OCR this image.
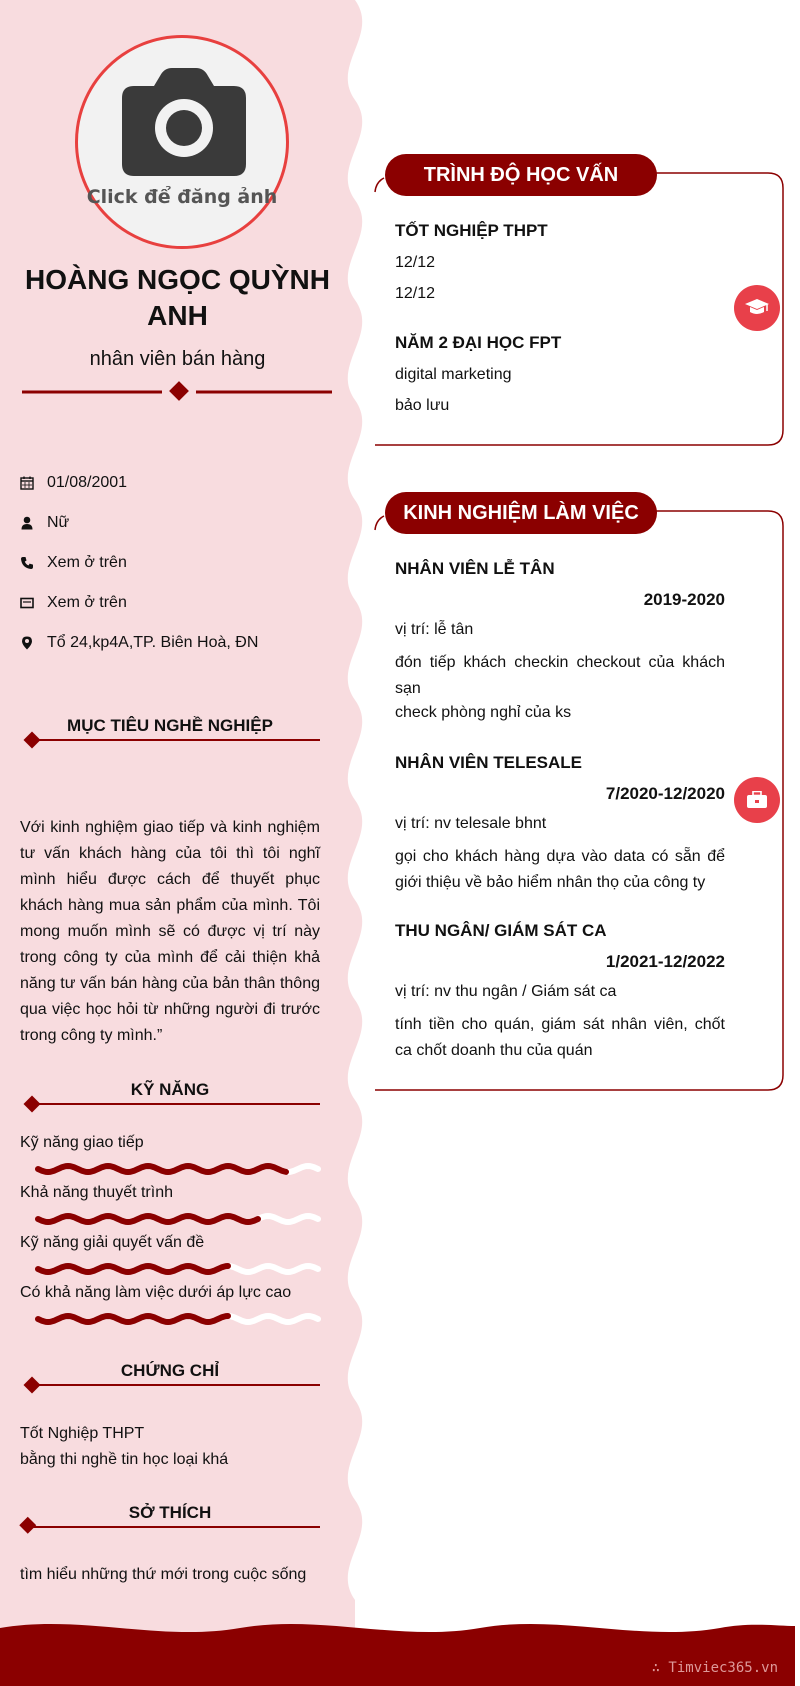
Click để đăng ảnh
HOÀNG NGỌC QUỲNH ANH
nhân viên bán hàng
01/08/2001
Nữ
Xem ở trên
Xem ở trên
Tổ 24,kp4A,TP. Biên Hoà, ĐN
MỤC TIÊU NGHỀ NGHIỆP
Với kinh nghiệm giao tiếp và kinh nghiệm tư vấn khách hàng của tôi thì tôi nghĩ mình hiểu được cách để thuyết phục khách hàng mua sản phẩm của mình. Tôi mong muốn mình sẽ có được vị trí này trong công ty của mình để cải thiện khả năng tư vấn bán hàng của bản thân thông qua việc học hỏi từ những người đi trước trong công ty mình.”
KỸ NĂNG
Kỹ năng giao tiếp
Khả năng thuyết trình
Kỹ năng giải quyết vấn đề
Có khả năng làm việc dưới áp lực cao
CHỨNG CHỈ
Tốt Nghiệp THPT
bằng thi nghề tin học loại khá
SỞ THÍCH
tìm hiểu những thứ mới trong cuộc sống
TRÌNH ĐỘ HỌC VẤN
TỐT NGHIỆP THPT
12/12
12/12
NĂM 2 ĐẠI HỌC FPT
digital marketing
bảo lưu
KINH NGHIỆM LÀM VIỆC
NHÂN VIÊN LỄ TÂN
2019-2020
vị trí: lễ tân
đón tiếp khách checkin checkout của khách sạn
check phòng nghỉ của ks
NHÂN VIÊN TELESALE
7/2020-12/2020
vị trí: nv telesale bhnt
gọi cho khách hàng dựa vào data có sẵn để giới thiệu về bảo hiểm nhân thọ của công ty
THU NGÂN/ GIÁM SÁT CA
1/2021-12/2022
vị trí: nv thu ngân / Giám sát ca
tính tiền cho quán, giám sát nhân viên, chốt ca chốt doanh thu của quán
∴ Timviec365.vn
